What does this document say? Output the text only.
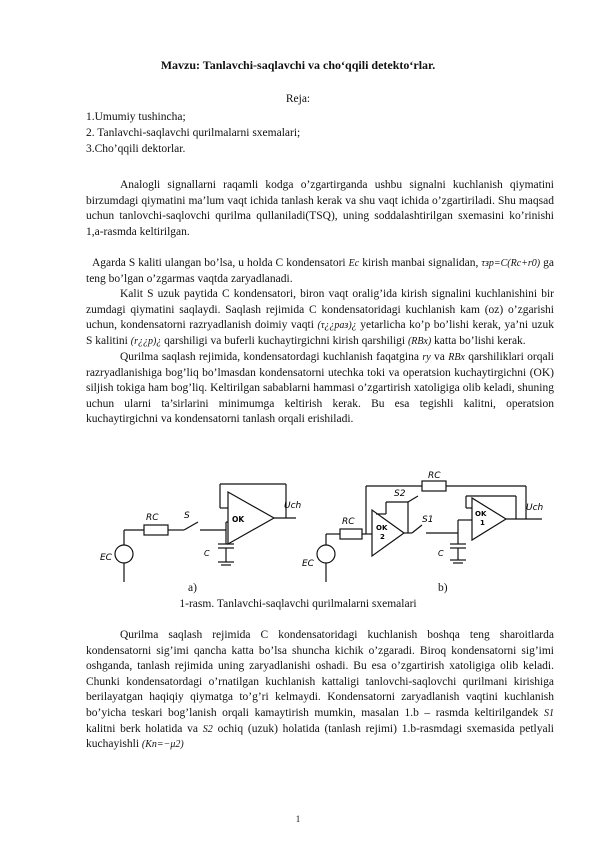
Mavzu: Tanlavchi-saqlavchi va cho‘qqili detekto‘rlar.
Reja:
1.Umumiy tushincha;
2. Tanlavchi-saqlavchi qurilmalarni sxemalari;
3.Cho’qqili dektorlar.

Analogli signallarni raqamli kodga o’zgartirganda ushbu signalni kuchlanish qiymatini birzumdagi qiymatini ma’lum vaqt ichida tanlash kerak va shu vaqt ichida o’zgartiriladi. Shu maqsad uchun tanlovchi-saqlovchi qurilma qullaniladi(TSQ), uning soddalashtirilgan sxemasini ko’rinishi 1,a-rasmda keltirilgan.

Agarda S kaliti ulangan bo’lsa, u holda C kondensatori Eс kirish manbai signalidan, τзр=C(Rс+r0) ga teng bo’lgan o’zgarmas vaqtda zaryadlanadi.

Kalit S uzuk paytida C kondensatori, biron vaqt oralig’ida kirish signalini kuchlanishini bir zumdagi qiymatini saqlaydi. Saqlash rejimida C kondensatoridagi kuchlanish kam (oz) o’zgarishi uchun, kondensatorni razryadlanish doimiy vaqti (τ¿¿раз)¿ yetarlicha ko’p bo’lishi kerak, ya’ni uzuk S kalitini (r¿¿р)¿ qarshiligi va buferli kuchaytirgichni kirish qarshiligi (RВх) katta bo’lishi kerak.

Qurilma saqlash rejimida, kondensatordagi kuchlanish faqatgina rу va RВх qarshiliklari orqali razryadlanishiga bog’liq bo’lmasdan kondensatorni utechka toki va operatsion kuchaytirgichni (OK) siljish tokiga ham bog’liq. Keltirilgan sabablarni hammasi o’zgartirish xatoligiga olib keladi, shuning uchun ularni ta’sirlarini minimumga keltirish kerak. Bu esa tegishli kalitni, operatsion kuchaytirgichni va kondensatorni tanlash orqali erishiladi.

RC	S	OK
Uch
C
EC
RC
S2
S1
RC
OK
2
OK
1
Uch
C
EC
a)	b)
1-rasm. Tanlavchi-saqlavchi qurilmalarni sxemalari

Qurilma saqlash rejimida C kondensatoridagi kuchlanish boshqa teng sharoitlarda kondensatorni sig’imi qancha katta bo’lsa shuncha kichik o’zgaradi. Biroq kondensatorni sig’imi oshganda, tanlash rejimida uning zaryadlanishi oshadi. Bu esa o’zgartirish xatoligiga olib keladi. Chunki kondensatordagi o’rnatilgan kuchlanish kattaligi tanlovchi-saqlovchi qurilmani kirishiga berilayatgan haqiqiy qiymatga to’g’ri kelmaydi. Kondensatorni zaryadlanish vaqtini kuchlanish bo’yicha teskari bog’lanish orqali kamaytirish mumkin, masalan 1.b – rasmda keltirilgandek S1 kalitni berk holatida va S2 ochiq (uzuk) holatida (tanlash rejimi) 1.b-rasmdagi sxemasida petlyali kuchayishli (Kп=−μ2)

1
